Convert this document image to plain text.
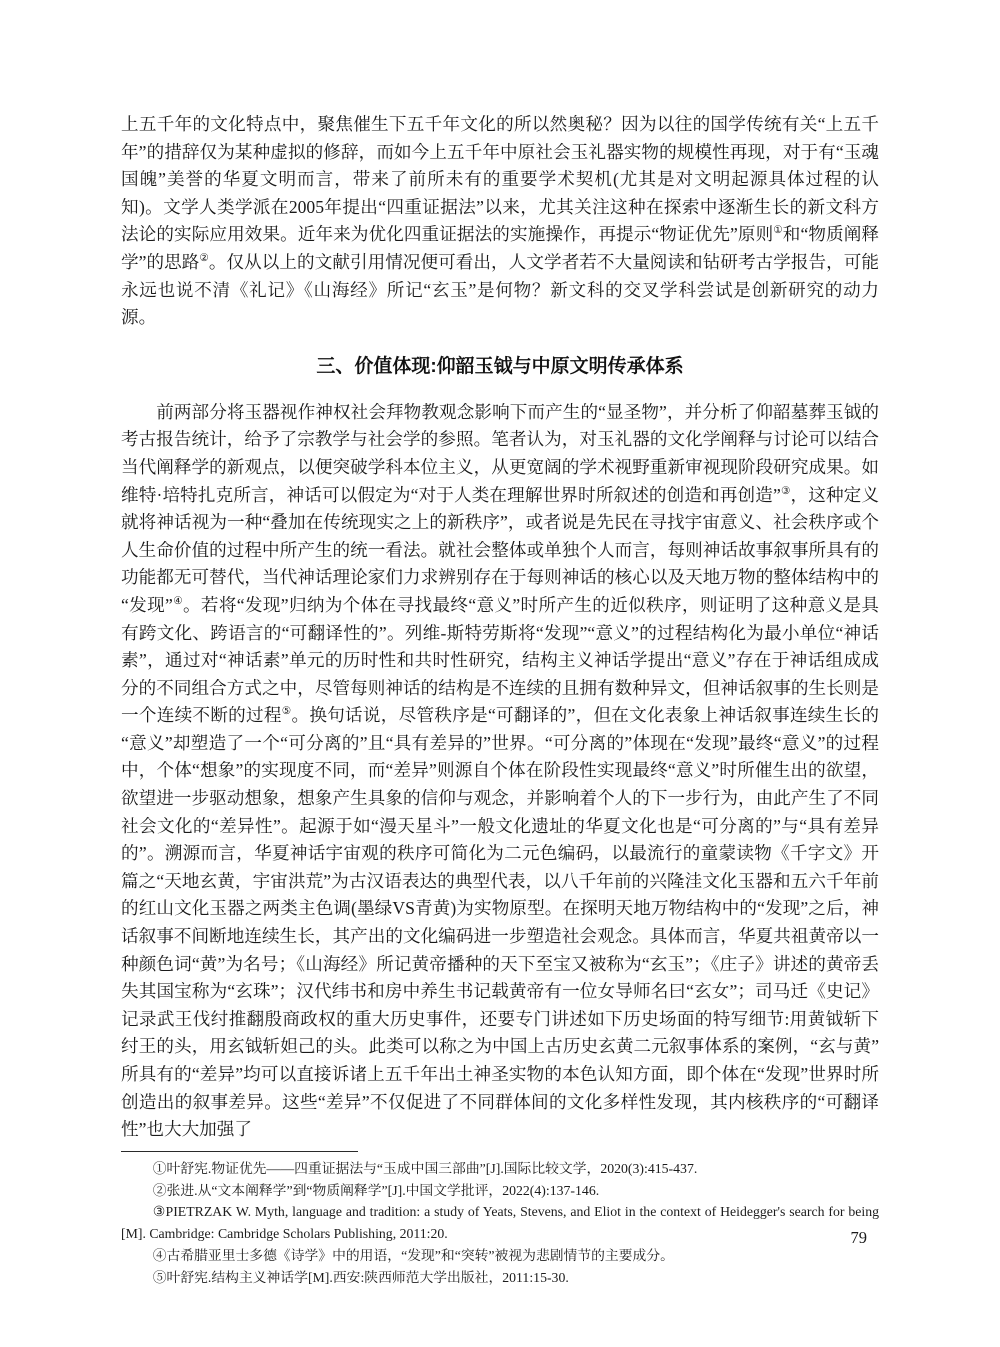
上五千年的文化特点中，聚焦催生下五千年文化的所以然奥秘？因为以往的国学传统有关“上五千年”的措辞仅为某种虚拟的修辞，而如今上五千年中原社会玉礼器实物的规模性再现，对于有“玉魂国魄”美誉的华夏文明而言，带来了前所未有的重要学术契机(尤其是对文明起源具体过程的认知)。文学人类学派在2005年提出“四重证据法”以来，尤其关注这种在探索中逐渐生长的新文科方法论的实际应用效果。近年来为优化四重证据法的实施操作，再提示“物证优先”原则①和“物质阐释学”的思路②。仅从以上的文献引用情况便可看出，人文学者若不大量阅读和钻研考古学报告，可能永远也说不清《礼记》《山海经》所记“玄玉”是何物？新文科的交叉学科尝试是创新研究的动力源。

三、价值体现:仰韶玉钺与中原文明传承体系

前两部分将玉器视作神权社会拜物教观念影响下而产生的“显圣物”，并分析了仰韶墓葬玉钺的考古报告统计，给予了宗教学与社会学的参照。笔者认为，对玉礼器的文化学阐释与讨论可以结合当代阐释学的新观点，以便突破学科本位主义，从更宽阔的学术视野重新审视现阶段研究成果。如维特·培特扎克所言，神话可以假定为“对于人类在理解世界时所叙述的创造和再创造”③，这种定义就将神话视为一种“叠加在传统现实之上的新秩序”，或者说是先民在寻找宇宙意义、社会秩序或个人生命价值的过程中所产生的统一看法。就社会整体或单独个人而言，每则神话故事叙事所具有的功能都无可替代，当代神话理论家们力求辨别存在于每则神话的核心以及天地万物的整体结构中的“发现”④。若将“发现”归纳为个体在寻找最终“意义”时所产生的近似秩序，则证明了这种意义是具有跨文化、跨语言的“可翻译性的”。列维-斯特劳斯将“发现”“意义”的过程结构化为最小单位“神话素”，通过对“神话素”单元的历时性和共时性研究，结构主义神话学提出“意义”存在于神话组成成分的不同组合方式之中，尽管每则神话的结构是不连续的且拥有数种异文，但神话叙事的生长则是一个连续不断的过程⑤。换句话说，尽管秩序是“可翻译的”，但在文化表象上神话叙事连续生长的“意义”却塑造了一个“可分离的”且“具有差异的”世界。“可分离的”体现在“发现”最终“意义”的过程中，个体“想象”的实现度不同，而“差异”则源自个体在阶段性实现最终“意义”时所催生出的欲望，欲望进一步驱动想象，想象产生具象的信仰与观念，并影响着个人的下一步行为，由此产生了不同社会文化的“差异性”。起源于如“漫天星斗”一般文化遗址的华夏文化也是“可分离的”与“具有差异的”。溯源而言，华夏神话宇宙观的秩序可简化为二元色编码，以最流行的童蒙读物《千字文》开篇之“天地玄黄，宇宙洪荒”为古汉语表达的典型代表，以八千年前的兴隆洼文化玉器和五六千年前的红山文化玉器之两类主色调(墨绿VS青黄)为实物原型。在探明天地万物结构中的“发现”之后，神话叙事不间断地连续生长，其产出的文化编码进一步塑造社会观念。具体而言，华夏共祖黄帝以一种颜色词“黄”为名号；《山海经》所记黄帝播种的天下至宝又被称为“玄玉”；《庄子》讲述的黄帝丢失其国宝称为“玄珠”；汉代纬书和房中养生书记载黄帝有一位女导师名曰“玄女”；司马迁《史记》记录武王伐纣推翻殷商政权的重大历史事件，还要专门讲述如下历史场面的特写细节:用黄钺斩下纣王的头，用玄钺斩妲己的头。此类可以称之为中国上古历史玄黄二元叙事体系的案例，“玄与黄”所具有的“差异”均可以直接诉诸上五千年出土神圣实物的本色认知方面，即个体在“发现”世界时所创造出的叙事差异。这些“差异”不仅促进了不同群体间的文化多样性发现，其内核秩序的“可翻译性”也大大加强了

①叶舒宪.物证优先——四重证据法与“玉成中国三部曲”[J].国际比较文学，2020(3):415-437.

②张进.从“文本阐释学”到“物质阐释学”[J].中国文学批评，2022(4):137-146.

③PIETRZAK W. Myth, language and tradition: a study of Yeats, Stevens, and Eliot in the context of Heidegger's search for being [M]. Cambridge: Cambridge Scholars Publishing, 2011:20.

④古希腊亚里士多德《诗学》中的用语，“发现”和“突转”被视为悲剧情节的主要成分。

⑤叶舒宪.结构主义神话学[M].西安:陕西师范大学出版社，2011:15-30.

79
